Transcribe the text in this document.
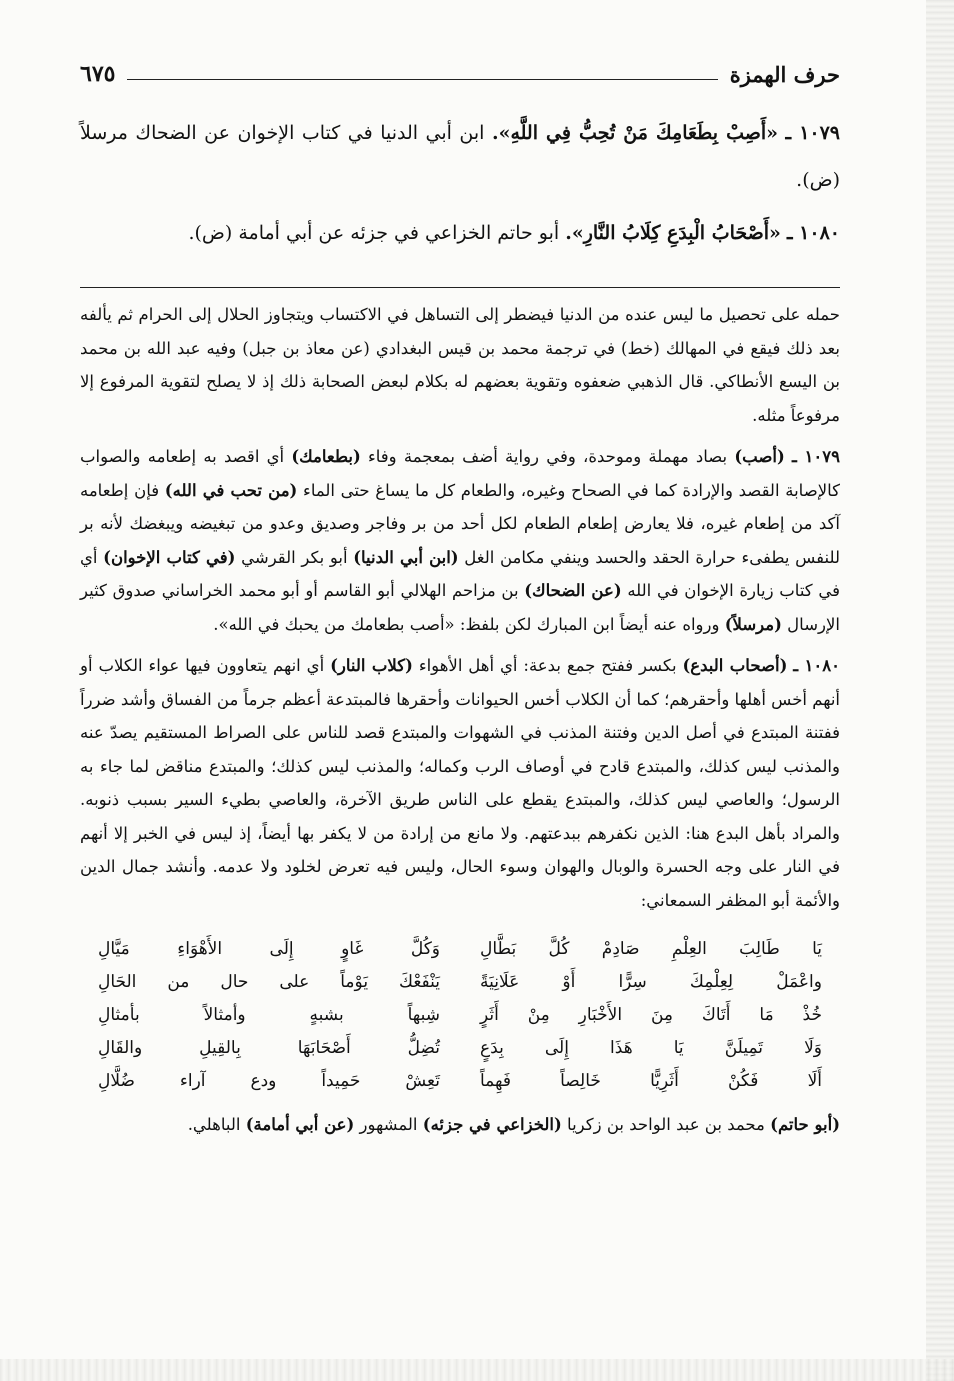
حرف الهمزة
٦٧٥

١٠٧٩ ـ «أَصِبْ بِطَعَامِكَ مَنْ تُحِبُّ فِي اللَّهِ». ابن أبي الدنيا في كتاب الإخوان عن الضحاك مرسلاً (ض).

١٠٨٠ ـ «أَصْحَابُ الْبِدَعِ كِلَابُ النَّارِ». أبو حاتم الخزاعي في جزئه عن أبي أمامة (ض).

حمله على تحصيل ما ليس عنده من الدنيا فيضطر إلى التساهل في الاكتساب ويتجاوز الحلال إلى الحرام ثم يألفه بعد ذلك فيقع في المهالك (خط) في ترجمة محمد بن قيس البغدادي (عن معاذ بن جبل) وفيه عبد الله بن محمد بن اليسع الأنطاكي. قال الذهبي ضعفوه وتقوية بعضهم له بكلام لبعض الصحابة ذلك إذ لا يصلح لتقوية المرفوع إلا مرفوعاً مثله.

١٠٧٩ ـ (أصب) بصاد مهملة وموحدة، وفي رواية أضف بمعجمة وفاء (بطعامك) أي اقصد به إطعامه والصواب كالإصابة القصد والإرادة كما في الصحاح وغيره، والطعام كل ما يساغ حتى الماء (من تحب في الله) فإن إطعامه آكد من إطعام غيره، فلا يعارض إطعام الطعام لكل أحد من بر وفاجر وصديق وعدو من تبغيضه ويبغضك لأنه بر للنفس يطفىء حرارة الحقد والحسد وينفي مكامن الغل (ابن أبي الدنيا) أبو بكر القرشي (في كتاب الإخوان) أي في كتاب زيارة الإخوان في الله (عن الضحاك) بن مزاحم الهلالي أبو القاسم أو أبو محمد الخراساني صدوق كثير الإرسال (مرسلاً) ورواه عنه أيضاً ابن المبارك لكن بلفظ: «أصب بطعامك من يحبك في الله».

١٠٨٠ ـ (أصحاب البدع) بكسر ففتح جمع بدعة: أي أهل الأهواء (كلاب النار) أي انهم يتعاوون فيها عواء الكلاب أو أنهم أخس أهلها وأحقرهم؛ كما أن الكلاب أخس الحيوانات وأحقرها فالمبتدعة أعظم جرماً من الفساق وأشد ضرراً ففتنة المبتدع في أصل الدين وفتنة المذنب في الشهوات والمبتدع قصد للناس على الصراط المستقيم يصدّ عنه والمذنب ليس كذلك، والمبتدع قادح في أوصاف الرب وكماله؛ والمذنب ليس كذلك؛ والمبتدع مناقض لما جاء به الرسول؛ والعاصي ليس كذلك، والمبتدع يقطع على الناس طريق الآخرة، والعاصي بطيء السير بسبب ذنوبه. والمراد بأهل البدع هنا: الذين نكفرهم ببدعتهم. ولا مانع من إرادة من لا يكفر بها أيضاً، إذ ليس في الخبر إلا أنهم في النار على وجه الحسرة والوبال والهوان وسوء الحال، وليس فيه تعرض لخلود ولا عدمه. وأنشد جمال الدين والأئمة أبو المظفر السمعاني:

يَا طَالِبَ العِلْمِ صَادِمْ كُلَّ بَطَّالِ
وَكُلَّ غَاوٍ إِلَى الأَهْوَاءِ مَيَّالِ
واعْمَلْ لِعِلْمِكَ سِرًّا أَوْ عَلَانِيَةً
يَنْفَعْكَ يَوْماً على حال من الحَالِ
خُذْ مَا أَتَاكَ مِنَ الأَخْبَارِ مِنْ أَثَرٍ
شِبهاً بشبهٍ وأمثالاً بأمثالِ
وَلَا تَمِيلَنَّ يَا هَذَا إِلَى بِدَعٍ
تُضِلُّ أَصْحَابَهَا بِالقِيلِ والقَالِ
أَلَا فَكُنْ أَثَرِيًّا خَالِصاً فَهِماً
تَعِشْ حَمِيداً ودع آراء ضُلَّالِ

(أبو حاتم) محمد بن عبد الواحد بن زكريا (الخزاعي في جزئه) المشهور (عن أبي أمامة) الباهلي.
